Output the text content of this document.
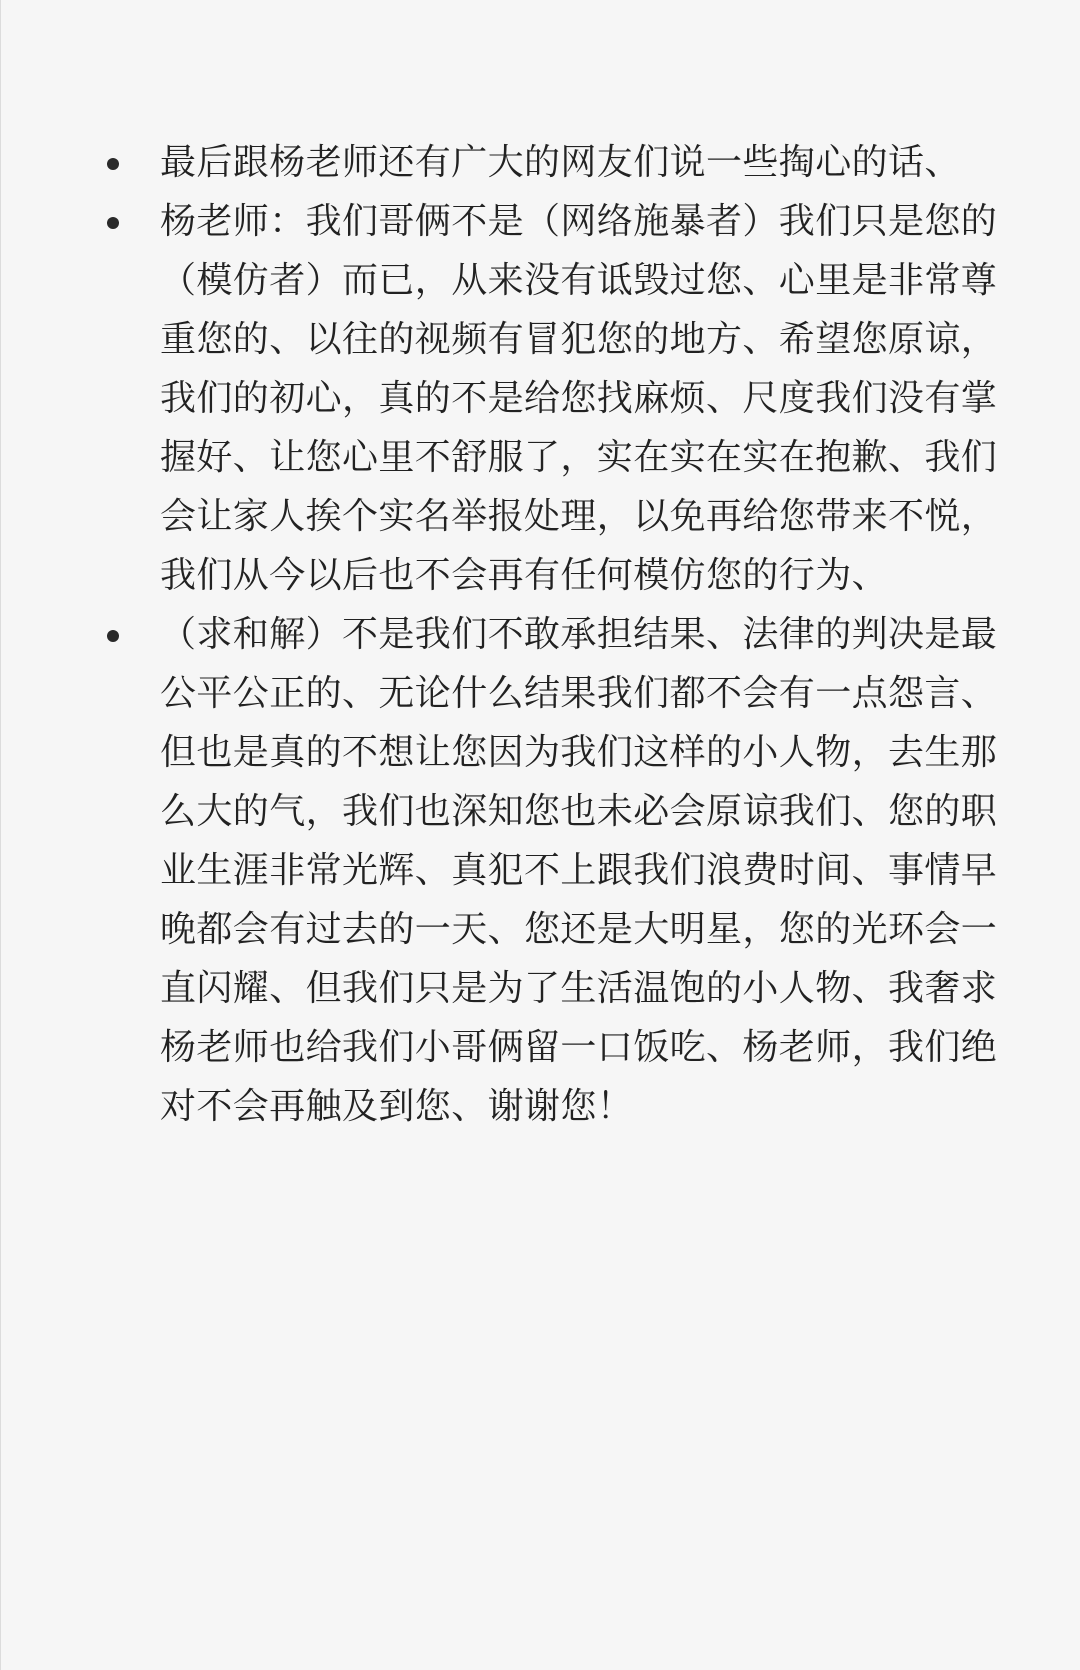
最后跟杨老师还有广大的网友们说一些掏心的话、
杨老师：我们哥俩不是（网络施暴者）我们只是您的（模仿者）而已，从来没有诋毁过您、心里是非常尊重您的、以往的视频有冒犯您的地方、希望您原谅，我们的初心，真的不是给您找麻烦、尺度我们没有掌握好、让您心里不舒服了，实在实在实在抱歉、我们会让家人挨个实名举报处理，以免再给您带来不悦，我们从今以后也不会再有任何模仿您的行为、
（求和解）不是我们不敢承担结果、法律的判决是最公平公正的、无论什么结果我们都不会有一点怨言、但也是真的不想让您因为我们这样的小人物，去生那么大的气，我们也深知您也未必会原谅我们、您的职业生涯非常光辉、真犯不上跟我们浪费时间、事情早晚都会有过去的一天、您还是大明星，您的光环会一直闪耀、但我们只是为了生活温饱的小人物、我奢求杨老师也给我们小哥俩留一口饭吃、杨老师，我们绝对不会再触及到您、谢谢您！
